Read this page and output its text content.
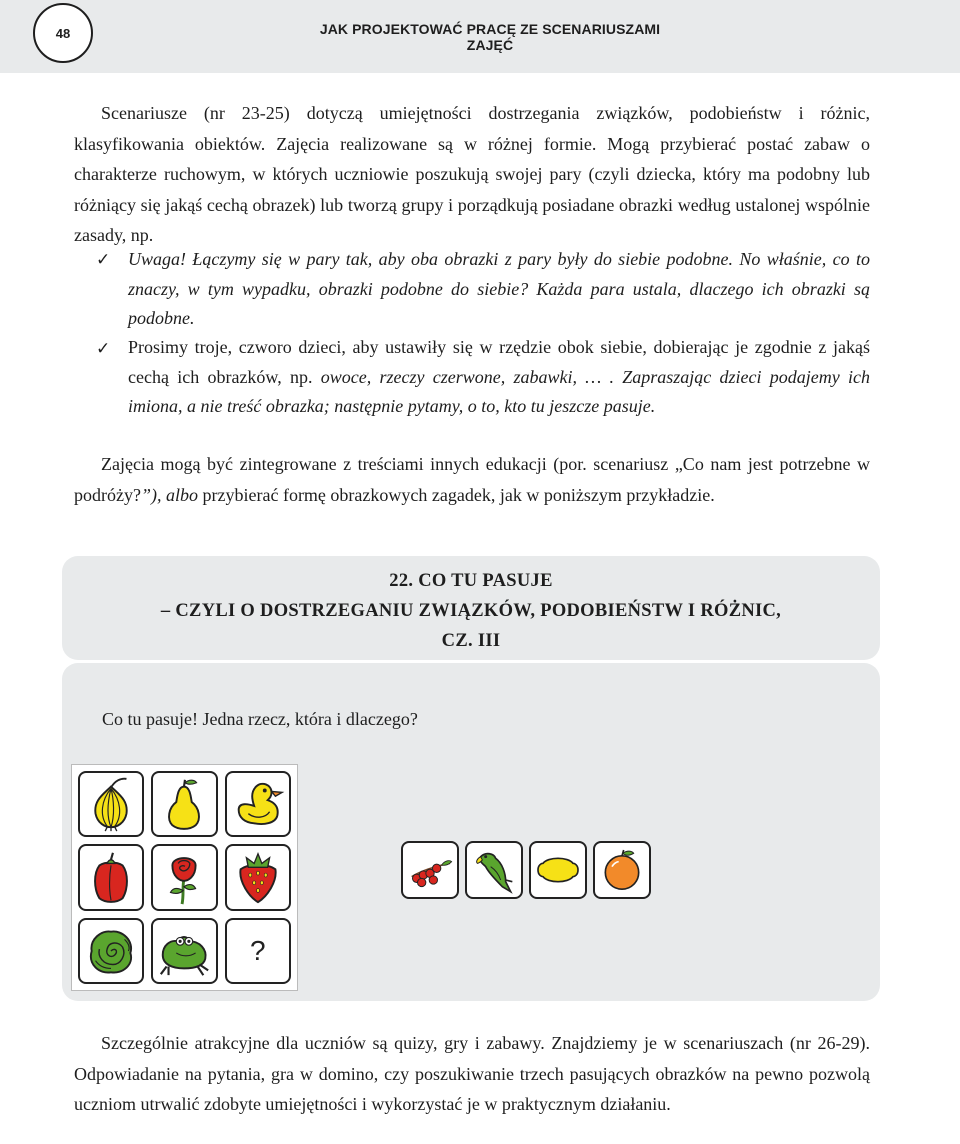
48	JAK PROJEKTOWAĆ PRACĘ ZE SCENARIUSZAMI ZAJĘĆ

Scenariusze (nr 23-25) dotyczą umiejętności dostrzegania związków, podobieństw i różnic, klasyfikowania obiektów. Zajęcia realizowane są w różnej formie. Mogą przybierać postać zabaw o charakterze ruchowym, w których uczniowie poszukują swojej pary (czyli dziecka, który ma podobny lub różniący się jakąś cechą obrazek) lub tworzą grupy i porządkują posiadane obrazki według ustalonej wspólnie zasady, np.

✓ Uwaga! Łączymy się w pary tak, aby oba obrazki z pary były do siebie podobne. No właśnie, co to znaczy, w tym wypadku, obrazki podobne do siebie? Każda para ustala, dlaczego ich obrazki są podobne.

✓ Prosimy troje, czworo dzieci, aby ustawiły się w rzędzie obok siebie, dobierając je zgodnie z jakąś cechą ich obrazków, np. owoce, rzeczy czerwone, zabawki, … . Zapraszając dzieci podajemy ich imiona, a nie treść obrazka; następnie pytamy, o to, kto tu jeszcze pasuje.

Zajęcia mogą być zintegrowane z treściami innych edukacji (por. scenariusz „Co nam jest potrzebne w podróży?”), albo przybierać formę obrazkowych zagadek, jak w poniższym przykładzie.

22. CO TU PASUJE
– CZYLI O DOSTRZEGANIU ZWIĄZKÓW, PODOBIEŃSTW I RÓŻNIC,
CZ. III

Co tu pasuje! Jedna rzecz, która i dlaczego?

?

Szczególnie atrakcyjne dla uczniów są quizy, gry i zabawy. Znajdziemy je w scenariuszach (nr 26-29). Odpowiadanie na pytania, gra w domino, czy poszukiwanie trzech pasujących obrazków na pewno pozwolą uczniom utrwalić zdobyte umiejętności i wykorzystać je w praktycznym działaniu.
